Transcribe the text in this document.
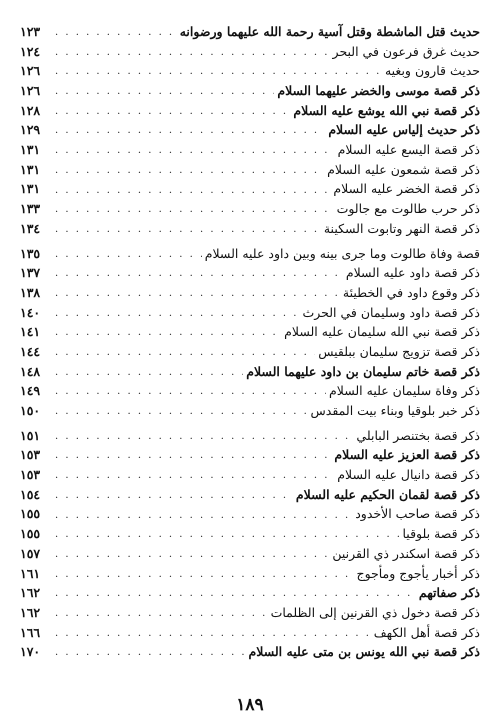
حديث قتل الماشطة وقتل آسية رحمة الله عليهما ورضوانه
. . .
١٢٣
حديث غرق فرعون في البحر
. . .
١٢٤
حديث قارون وبغيه
. . .
١٢٦
ذكر قصة موسى والخضر عليهما السلام
. . .
١٢٦
ذكر قصة نبي الله يوشع عليه السلام
. . .
١٢٨
ذكر حديث إلياس عليه السلام
. . .
١٢٩
ذكر قصة اليسع عليه السلام
. . .
١٣١
ذكر قصة شمعون عليه السلام
. . .
١٣١
ذكر قصة الخضر عليه السلام
. . .
١٣١
ذكر حرب طالوت مع جالوت
. . .
١٣٣
ذكر قصة النهر وتابوت السكينة
. . .
١٣٤
قصة وفاة طالوت وما جرى بينه وبين داود عليه السلام
. . .
١٣٥
ذكر قصة داود عليه السلام
. . .
١٣٧
ذكر وقوع داود في الخطيئة
. . .
١٣٨
ذكر قصة داود وسليمان في الحرث
. . .
١٤٠
ذكر قصة نبي الله سليمان عليه السلام
. . .
١٤١
ذكر قصة تزويج سليمان ببلقيس
. . .
١٤٤
ذكر قصة خاتم سليمان بن داود عليهما السلام
. . .
١٤٨
ذكر وفاة سليمان عليه السلام
. . .
١٤٩
ذكر خبر بلوقيا وبناء بيت المقدس
. . .
١٥٠
ذكر قصة بختنصر البابلي
. . .
١٥١
ذكر قصة العزيز عليه السلام
. . .
١٥٣
ذكر قصة دانيال عليه السلام
. . .
١٥٣
ذكر قصة لقمان الحكيم عليه السلام
. . .
١٥٤
ذكر قصة صاحب الأخدود
. . .
١٥٥
ذكر قصة بلوقيا
. . .
١٥٥
ذكر قصة اسكندر ذي القرنين
. . .
١٥٧
ذكر أخبار يأجوج ومأجوج
. . .
١٦١
ذكر صفاتهم
. . .
١٦٢
ذكر قصة دخول ذي القرنين إلى الظلمات
. . .
١٦٢
ذكر قصة أهل الكهف
. . .
١٦٦
ذكر قصة نبي الله يونس بن متى عليه السلام
. . .
١٧٠
١٨٩
